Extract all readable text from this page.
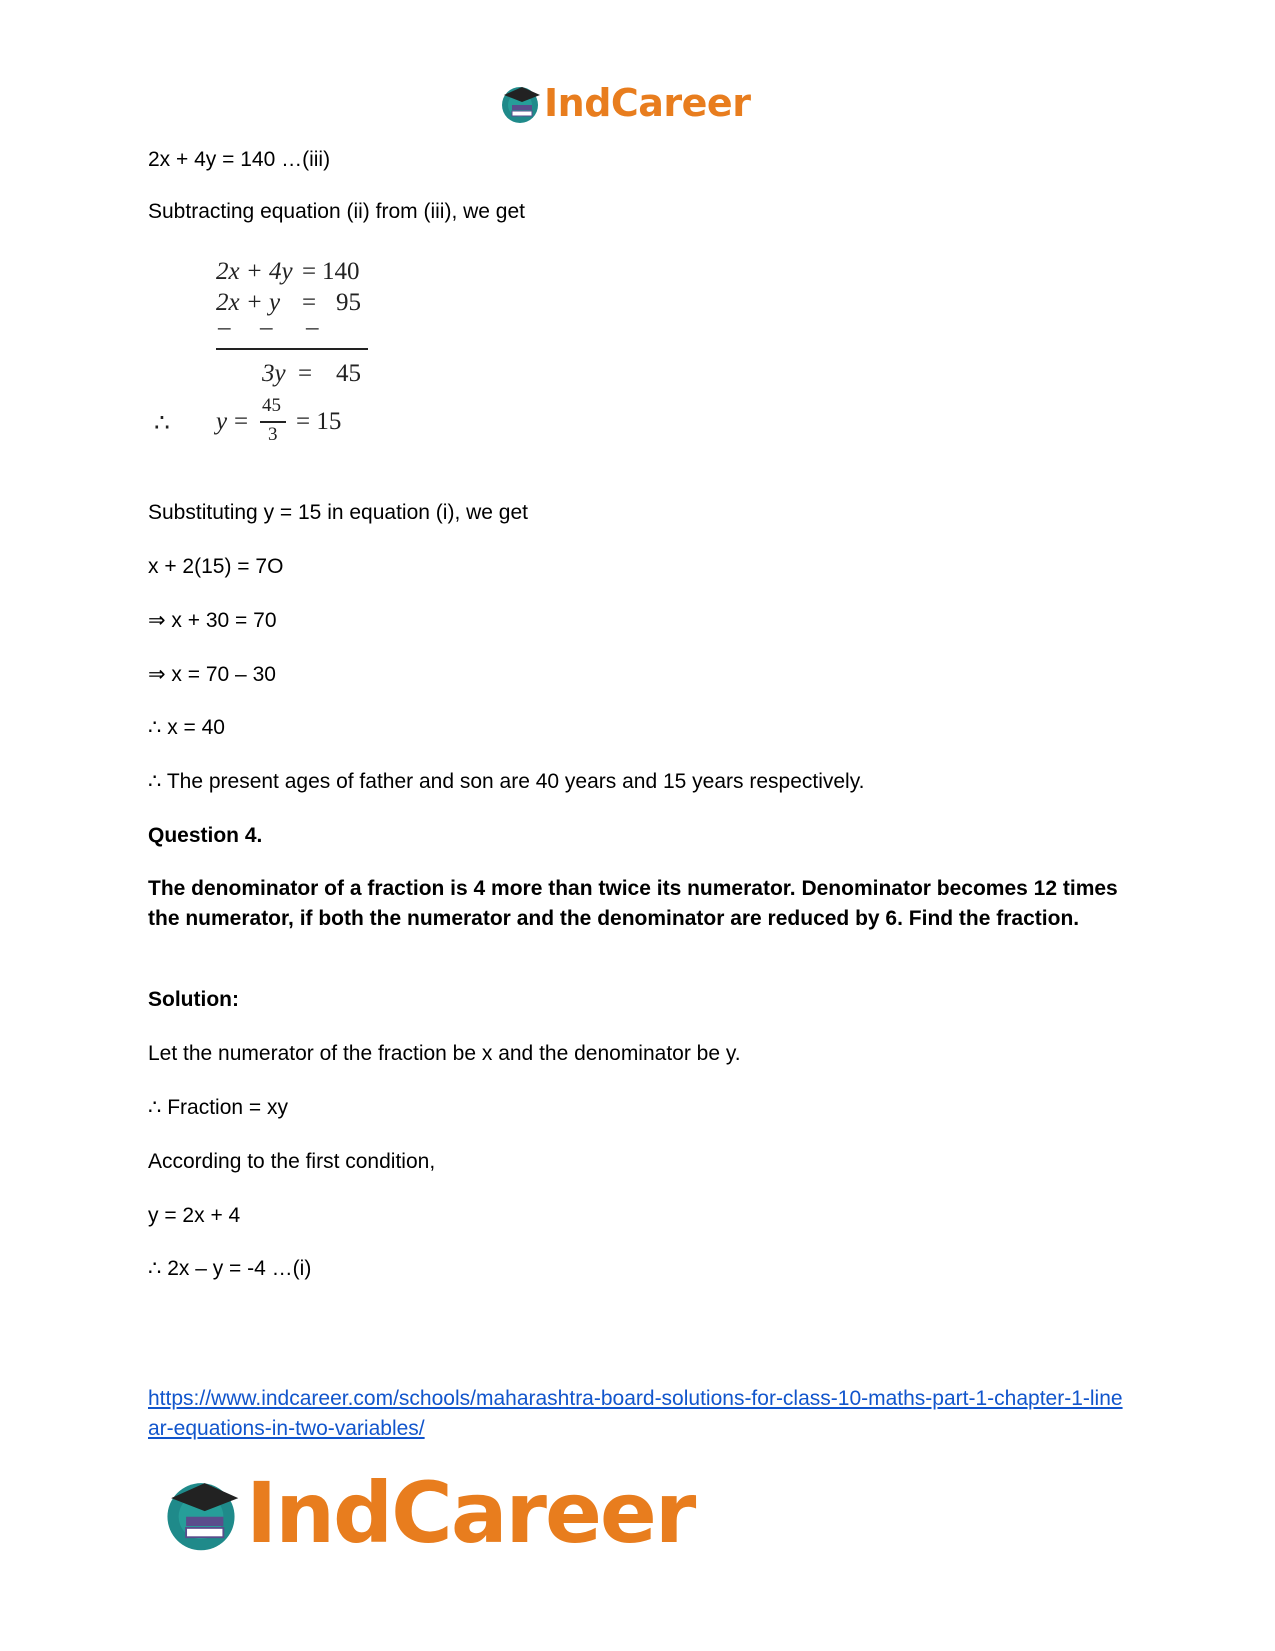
IndCareer
2x + 4y = 140 …(iii)
Subtracting equation (ii) from (iii), we get
2x + 4y = 140
2x + y = 95
– – –
3y = 45
∴ y =
45
3 = 15
Substituting y = 15 in equation (i), we get
x + 2(15) = 7O
⇒ x + 30 = 70
⇒ x = 70 – 30
∴ x = 40
∴ The present ages of father and son are 40 years and 15 years respectively.
Question 4.
The denominator of a fraction is 4 more than twice its numerator. Denominator becomes 12 times the numerator, if both the numerator and the denominator are reduced by 6. Find the fraction.
Solution:
Let the numerator of the fraction be x and the denominator be y.
∴ Fraction = xy
According to the first condition,
y = 2x + 4
∴ 2x – y = -4 …(i)
https://www.indcareer.com/schools/maharashtra-board-solutions-for-class-10-maths-part-1-chapter-1-linear-equations-in-two-variables/
IndCareer
